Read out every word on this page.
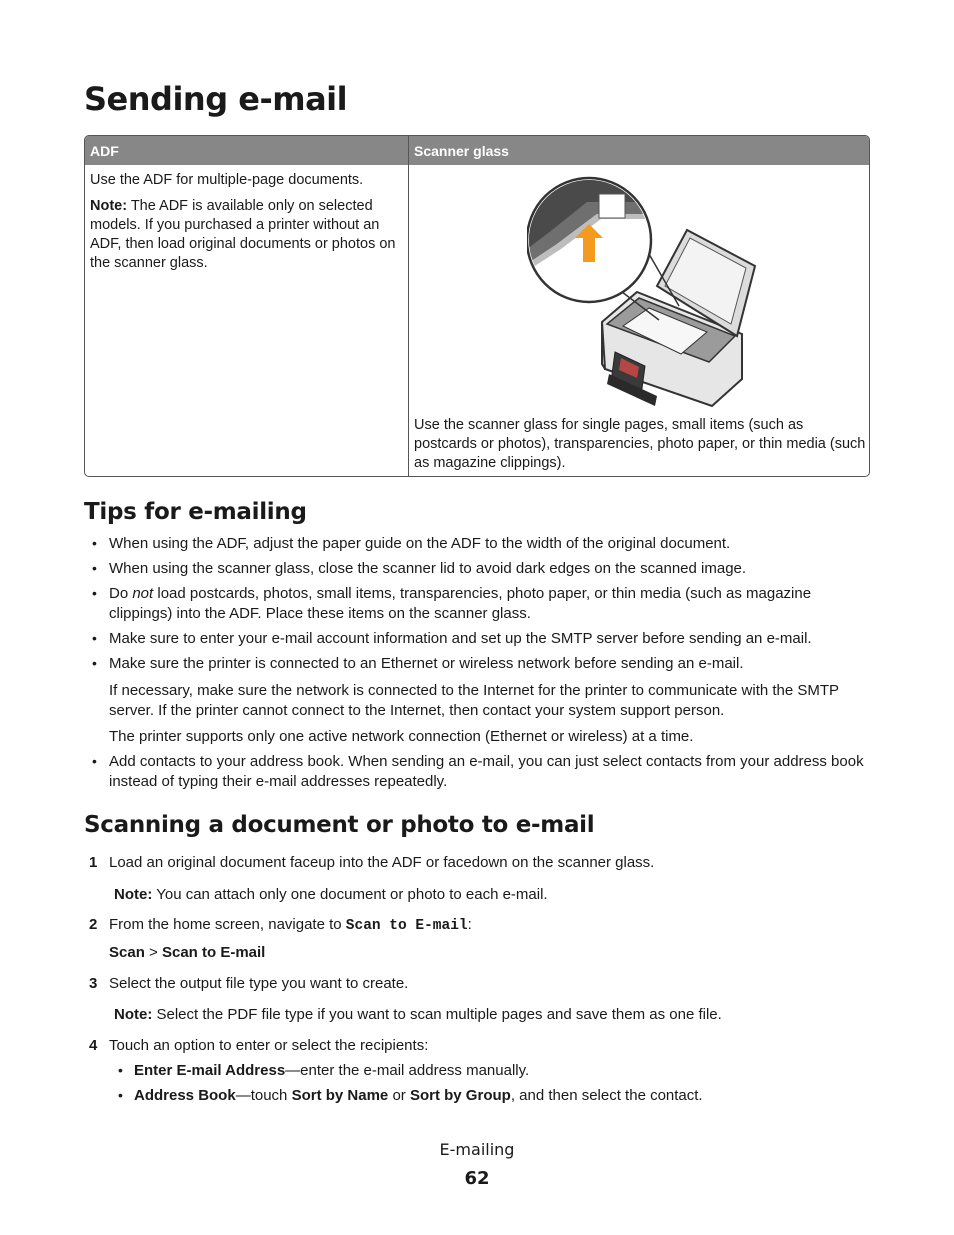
Sending e-mail
ADF	Scanner glass

Use the ADF for multiple-page documents.

Note: The ADF is available only on selected models. If you purchased a printer without an ADF, then load original documents or photos on the scanner glass.

Use the scanner glass for single pages, small items (such as postcards or photos), transparencies, photo paper, or thin media (such as magazine clippings).
Tips for e-mailing
• When using the ADF, adjust the paper guide on the ADF to the width of the original document.
• When using the scanner glass, close the scanner lid to avoid dark edges on the scanned image.
• Do not load postcards, photos, small items, transparencies, photo paper, or thin media (such as magazine clippings) into the ADF. Place these items on the scanner glass.
• Make sure to enter your e-mail account information and set up the SMTP server before sending an e-mail.
• Make sure the printer is connected to an Ethernet or wireless network before sending an e-mail.
If necessary, make sure the network is connected to the Internet for the printer to communicate with the SMTP server. If the printer cannot connect to the Internet, then contact your system support person.
The printer supports only one active network connection (Ethernet or wireless) at a time.
• Add contacts to your address book. When sending an e-mail, you can just select contacts from your address book instead of typing their e-mail addresses repeatedly.
Scanning a document or photo to e-mail
1 Load an original document faceup into the ADF or facedown on the scanner glass.
Note: You can attach only one document or photo to each e-mail.
2 From the home screen, navigate to Scan to E-mail:
Scan > Scan to E-mail
3 Select the output file type you want to create.
Note: Select the PDF file type if you want to scan multiple pages and save them as one file.
4 Touch an option to enter or select the recipients:
• Enter E-mail Address—enter the e-mail address manually.
• Address Book—touch Sort by Name or Sort by Group, and then select the contact.
E-mailing
62
